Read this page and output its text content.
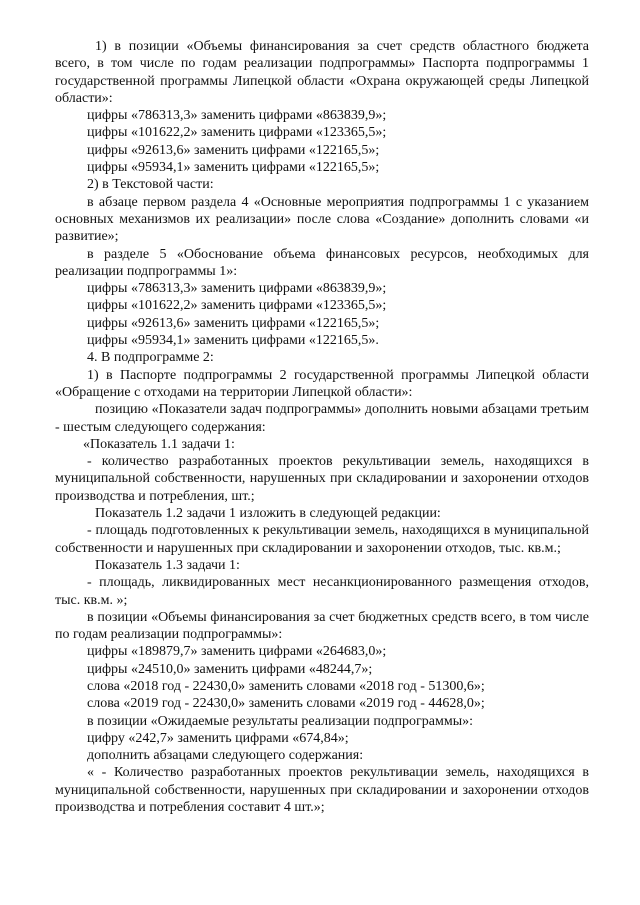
1) в позиции «Объемы финансирования за счет средств областного бюджета всего, в том числе по годам реализации подпрограммы» Паспорта подпрограммы 1 государственной программы Липецкой области «Охрана окружающей среды Липецкой области»:

цифры «786313,3» заменить цифрами «863839,9»;

цифры «101622,2» заменить цифрами «123365,5»;

цифры «92613,6» заменить цифрами «122165,5»;

цифры «95934,1» заменить цифрами «122165,5»;

2) в Текстовой части:

в абзаце первом раздела 4 «Основные мероприятия подпрограммы 1 с указанием основных механизмов их реализации» после слова «Создание» дополнить словами «и развитие»;

в разделе 5 «Обоснование объема финансовых ресурсов, необходимых для реализации подпрограммы 1»:

цифры «786313,3» заменить цифрами «863839,9»;

цифры «101622,2» заменить цифрами «123365,5»;

цифры «92613,6» заменить цифрами «122165,5»;

цифры «95934,1» заменить цифрами «122165,5».

4. В подпрограмме 2:

1) в Паспорте подпрограммы 2 государственной программы Липецкой области «Обращение с отходами на территории Липецкой области»:

позицию «Показатели задач подпрограммы» дополнить новыми абзацами третьим - шестым следующего содержания:

«Показатель 1.1 задачи 1:

- количество разработанных проектов рекультивации земель, находящихся в муниципальной собственности, нарушенных при складировании и захоронении отходов производства и потребления, шт.;

Показатель 1.2 задачи 1 изложить в следующей редакции:

- площадь подготовленных к рекультивации земель, находящихся в муниципальной собственности и нарушенных при складировании и захоронении отходов, тыс. кв.м.;

Показатель 1.3 задачи 1:

- площадь, ликвидированных мест несанкционированного размещения отходов, тыс. кв.м. »;

в позиции «Объемы финансирования за счет бюджетных средств всего, в том числе по годам реализации подпрограммы»:

цифры «189879,7» заменить цифрами «264683,0»;

цифры «24510,0» заменить цифрами «48244,7»;

слова «2018 год - 22430,0» заменить словами «2018 год - 51300,6»;

слова «2019 год - 22430,0» заменить словами «2019 год - 44628,0»;

в позиции «Ожидаемые результаты реализации подпрограммы»:

цифру «242,7» заменить цифрами «674,84»;

дополнить абзацами следующего содержания:

« - Количество разработанных проектов рекультивации земель, находящихся в муниципальной собственности, нарушенных при складировании и захоронении отходов производства и потребления составит 4 шт.»;
